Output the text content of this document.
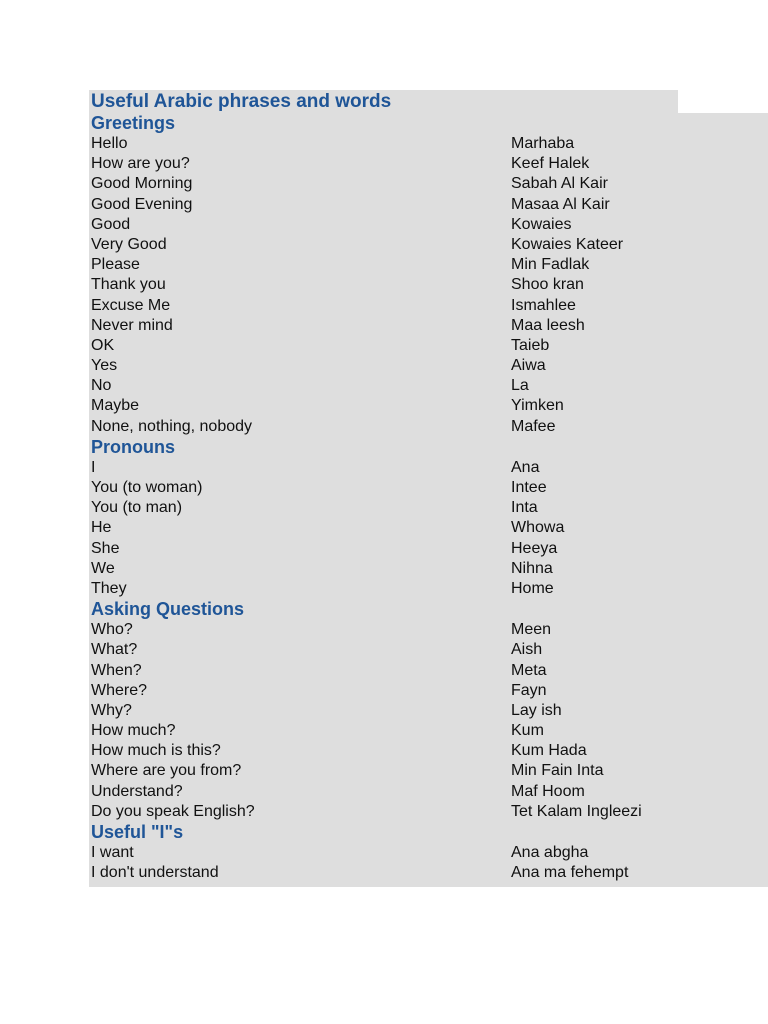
Useful Arabic phrases and words
Greetings
Hello	Marhaba
How are you?	Keef Halek
Good Morning	Sabah Al Kair
Good Evening	Masaa Al Kair
Good	Kowaies
Very Good	Kowaies Kateer
Please	Min Fadlak
Thank you	Shoo kran
Excuse Me	Ismahlee
Never mind	Maa leesh
OK	Taieb
Yes	Aiwa
No	La
Maybe	Yimken
None, nothing, nobody	Mafee
Pronouns
I	Ana
You (to woman)	Intee
You (to man)	Inta
He	Whowa
She	Heeya
We	Nihna
They	Home
Asking Questions
Who?	Meen
What?	Aish
When?	Meta
Where?	Fayn
Why?	Lay ish
How much?	Kum
How much is this?	Kum Hada
Where are you from?	Min Fain Inta
Understand?	Maf Hoom
Do you speak English?	Tet Kalam Ingleezi
Useful "I"s
I want	Ana abgha
I don't understand	Ana ma fehempt
